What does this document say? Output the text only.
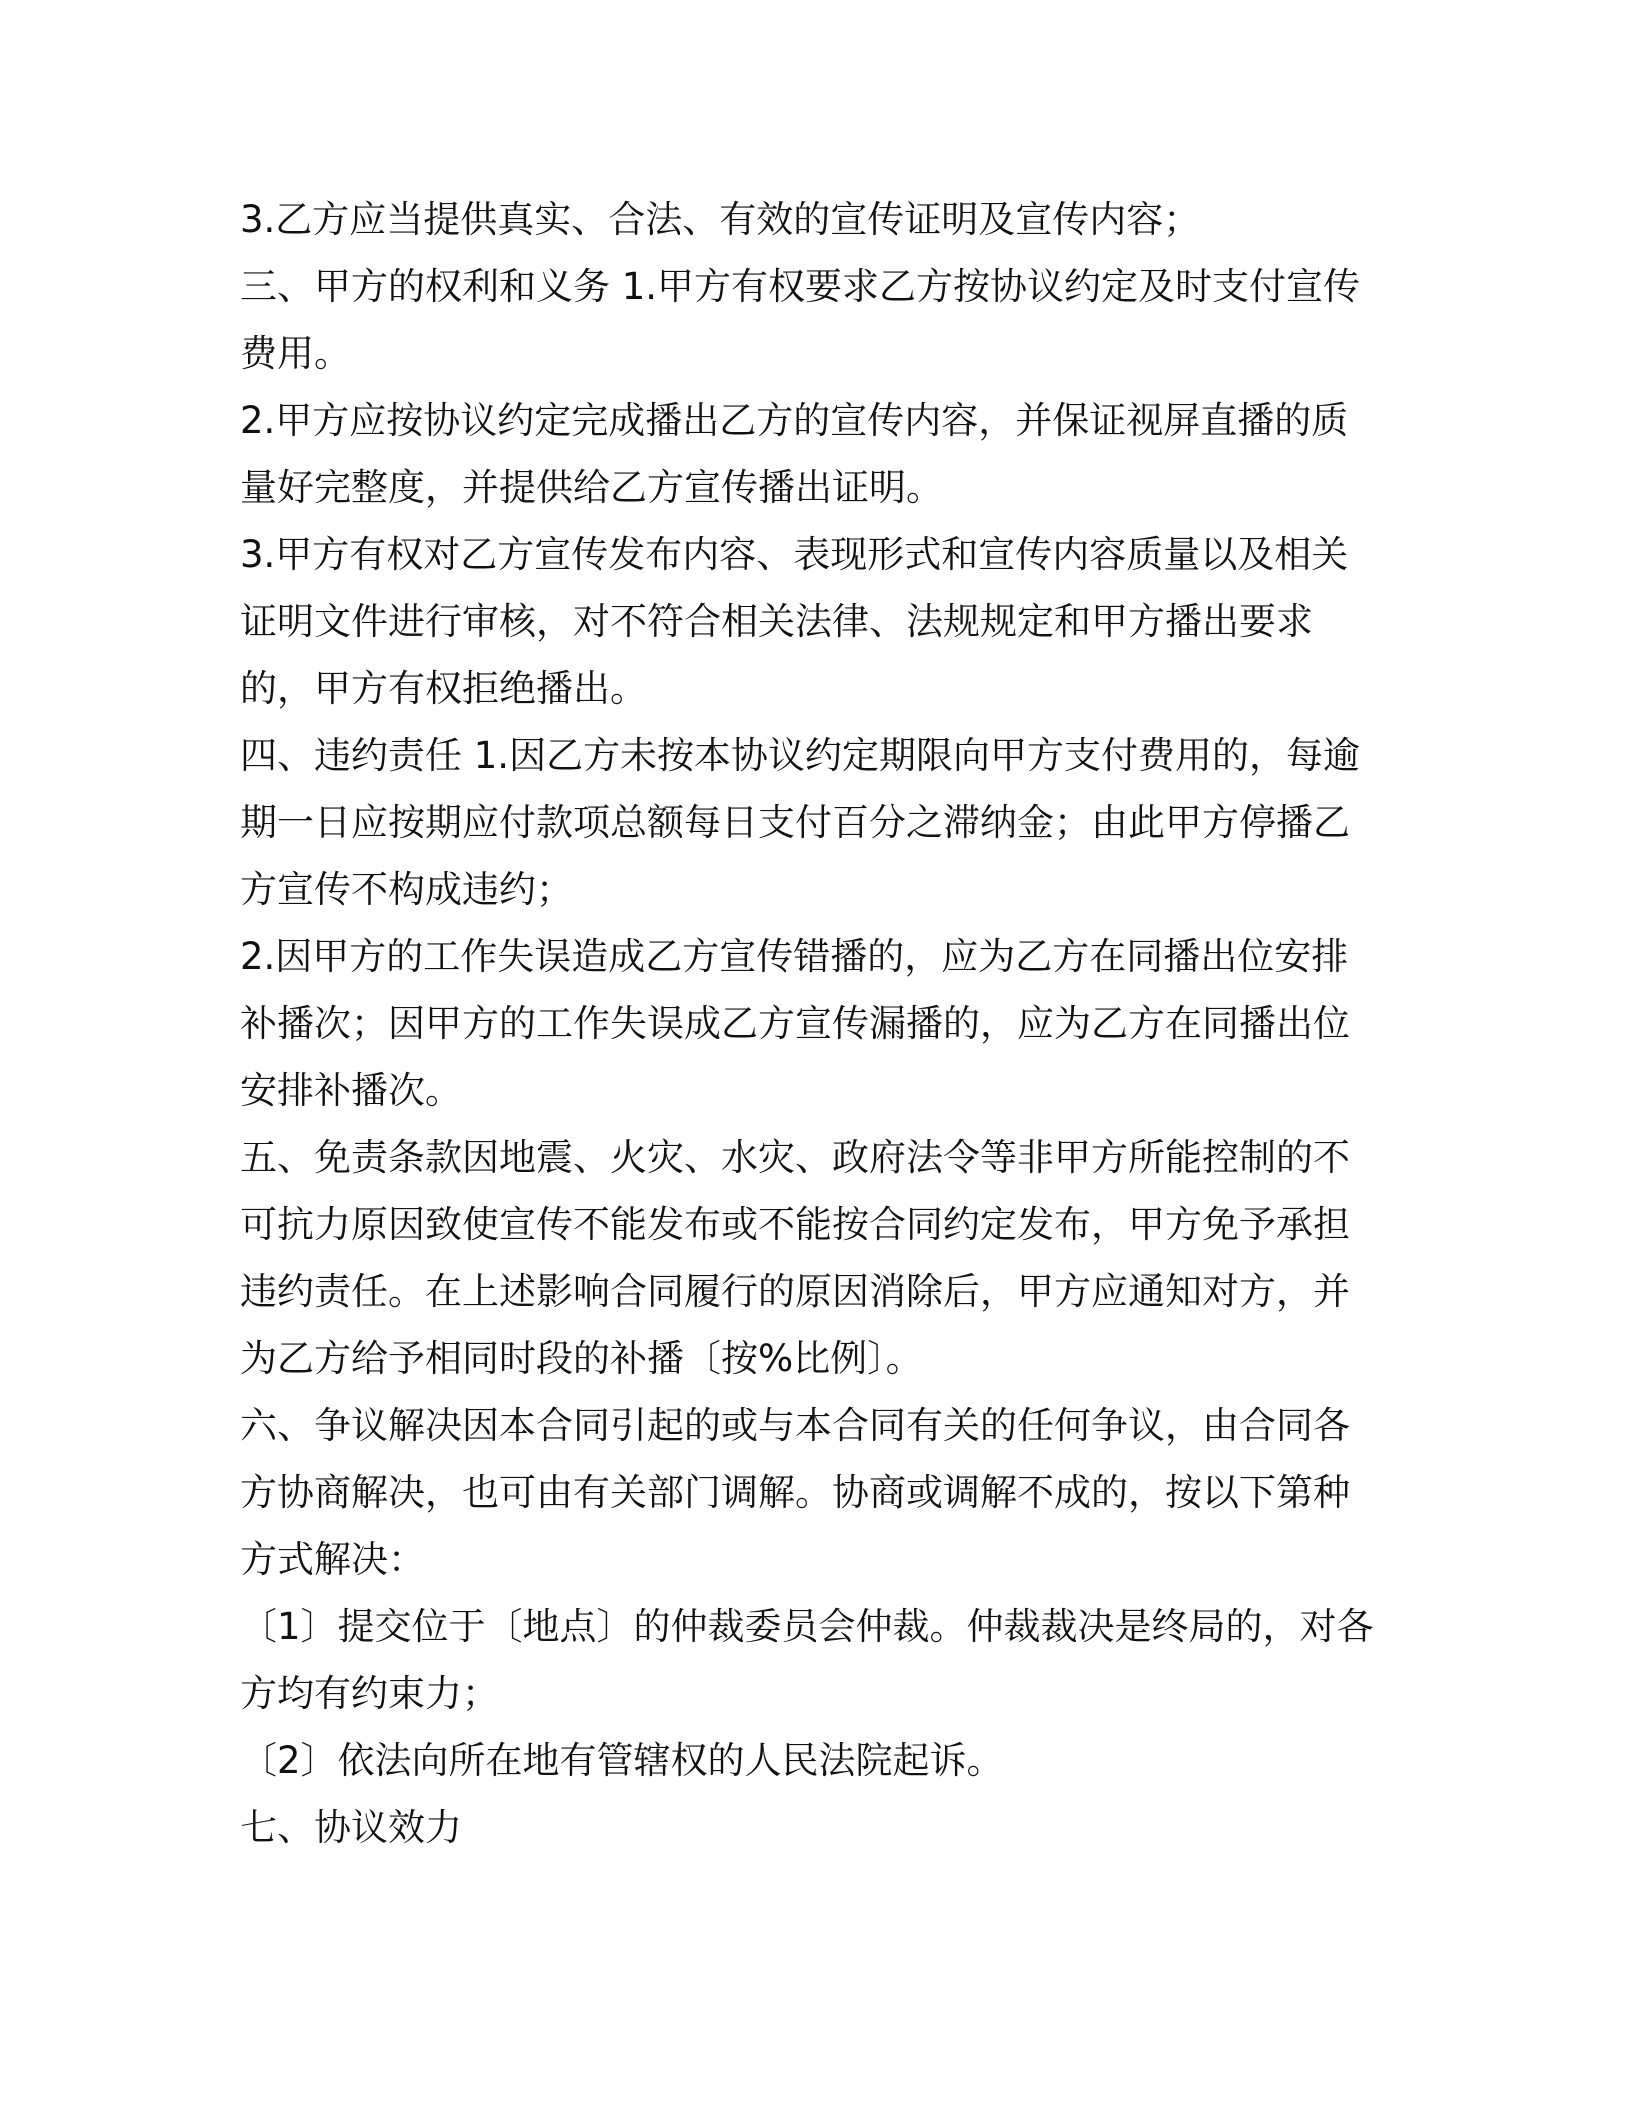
3.乙方应当提供真实、合法、有效的宣传证明及宣传内容；
三、甲方的权利和义务 1.甲方有权要求乙方按协议约定及时支付宣传
费用。
2.甲方应按协议约定完成播出乙方的宣传内容，并保证视屏直播的质
量好完整度，并提供给乙方宣传播出证明。
3.甲方有权对乙方宣传发布内容、表现形式和宣传内容质量以及相关
证明文件进行审核，对不符合相关法律、法规规定和甲方播出要求
的，甲方有权拒绝播出。
四、违约责任 1.因乙方未按本协议约定期限向甲方支付费用的，每逾
期一日应按期应付款项总额每日支付百分之滞纳金；由此甲方停播乙
方宣传不构成违约；
2.因甲方的工作失误造成乙方宣传错播的，应为乙方在同播出位安排
补播次；因甲方的工作失误成乙方宣传漏播的，应为乙方在同播出位
安排补播次。
五、免责条款因地震、火灾、水灾、政府法令等非甲方所能控制的不
可抗力原因致使宣传不能发布或不能按合同约定发布，甲方免予承担
违约责任。在上述影响合同履行的原因消除后，甲方应通知对方，并
为乙方给予相同时段的补播〔按%比例〕。
六、争议解决因本合同引起的或与本合同有关的任何争议，由合同各
方协商解决，也可由有关部门调解。协商或调解不成的，按以下第种
方式解决：
〔1〕提交位于〔地点〕的仲裁委员会仲裁。仲裁裁决是终局的，对各
方均有约束力；
〔2〕依法向所在地有管辖权的人民法院起诉。
七、协议效力
